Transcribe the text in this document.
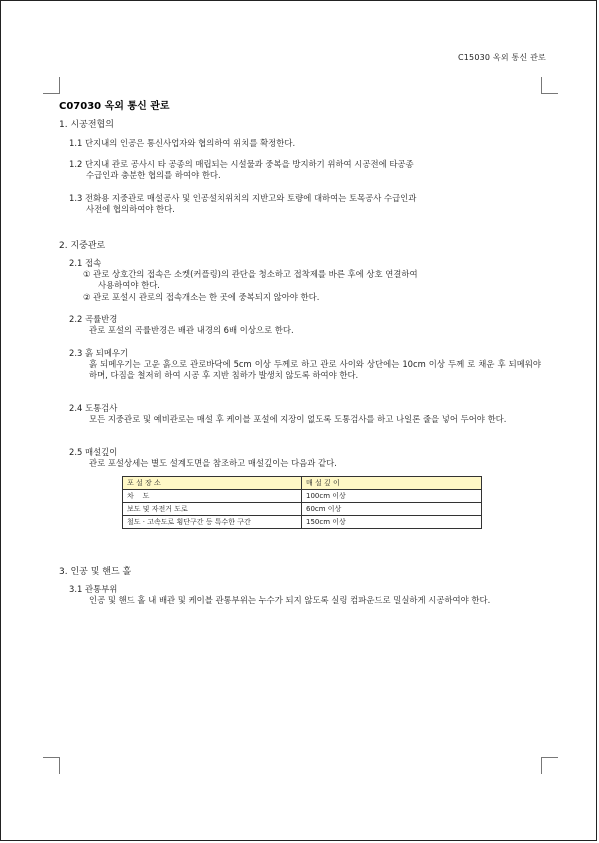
C15030 옥외 통신 관로
C07030 옥외 통신 관로
1. 시공전협의
1.1 단지내의 인공은 통신사업자와 협의하여 위치를 확정한다.
1.2 단지내 관로 공사시 타 공종의 매립되는 시설물과 중복을 방지하기 위하여 시공전에 타공종
수급인과 충분한 협의를 하여야 한다.
1.3 전화용 지중관로 매설공사 및 인공설치위치의 지반고와 토량에 대하여는 토목공사 수급인과
사전에 협의하여야 한다.
2. 지중관로
2.1 접속
① 관로 상호간의 접속은 소켓(커플링)의 관단을 청소하고 접착제를 바른 후에 상호 연결하여
사용하여야 한다.
② 관로 포설시 관로의 접속개소는 한 곳에 중복되지 않아야 한다.
2.2 곡률반경
관로 포설의 곡률반경은 배관 내경의 6배 이상으로 한다.
2.3 흙 되메우기
흙 되메우기는 고운 흙으로 관로바닥에 5cm 이상 두께로 하고 관로 사이와 상단에는 10cm 이상 두께 로 채운 후 되메워야 하며, 다짐을 철저히 하여 시공 후 지반 침하가 발생치 않도록 하여야 한다.
2.4 도통검사
모든 지중관로 및 예비관로는 매설 후 케이블 포설에 지장이 없도록 도통검사를 하고 나일론 줄을 넣어 두어야 한다.
2.5 매설깊이
관로 포설상세는 별도 설계도면을 참조하고 매설깊이는 다음과 같다.
포 설 장 소	매 설 깊 이
차    도	100cm 이상
보도 및 자전거 도로	60cm 이상
철도 · 고속도로 횡단구간 등 특수한 구간	150cm 이상
3. 인공 및 핸드 홀
3.1 관통부위
인공 및 핸드 홀 내 배관 및 케이블 관통부위는 누수가 되지 않도록 실링 컴파운드로 밀실하게 시공하여야 한다.
